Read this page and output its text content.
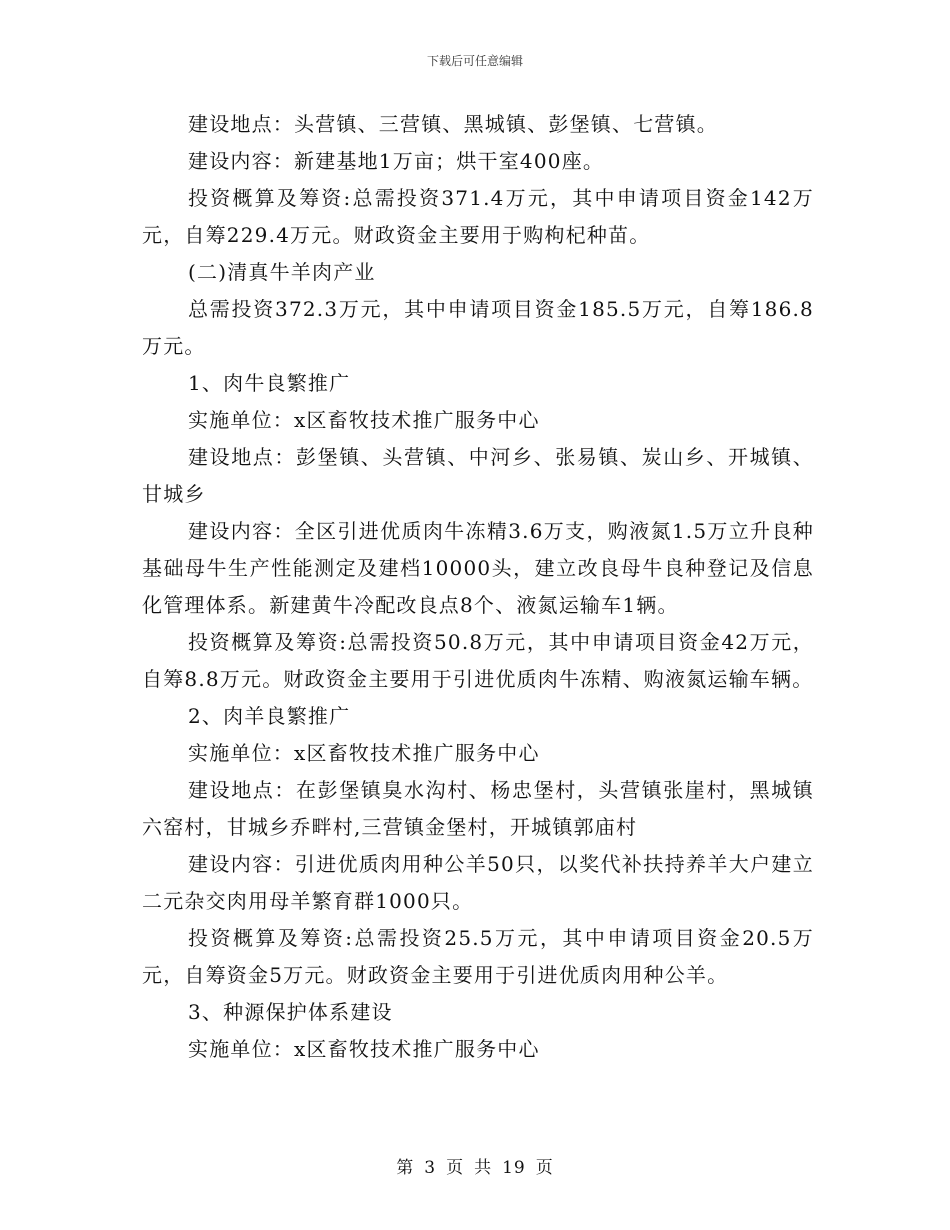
下载后可任意编辑

建设地点：头营镇、三营镇、黑城镇、彭堡镇、七营镇。

建设内容：新建基地1万亩；烘干室400座。

投资概算及筹资:总需投资371.4万元，其中申请项目资金142万元，自筹229.4万元。财政资金主要用于购枸杞种苗。

(二)清真牛羊肉产业

总需投资372.3万元，其中申请项目资金185.5万元，自筹186.8万元。

1、肉牛良繁推广

实施单位：x区畜牧技术推广服务中心

建设地点：彭堡镇、头营镇、中河乡、张易镇、炭山乡、开城镇、甘城乡

建设内容：全区引进优质肉牛冻精3.6万支，购液氮1.5万立升良种基础母牛生产性能测定及建档10000头，建立改良母牛良种登记及信息化管理体系。新建黄牛冷配改良点8个、液氮运输车1辆。

投资概算及筹资:总需投资50.8万元，其中申请项目资金42万元，自筹8.8万元。财政资金主要用于引进优质肉牛冻精、购液氮运输车辆。

2、肉羊良繁推广

实施单位：x区畜牧技术推广服务中心

建设地点：在彭堡镇臭水沟村、杨忠堡村，头营镇张崖村，黑城镇六窑村，甘城乡乔畔村,三营镇金堡村，开城镇郭庙村

建设内容：引进优质肉用种公羊50只，以奖代补扶持养羊大户建立二元杂交肉用母羊繁育群1000只。

投资概算及筹资:总需投资25.5万元，其中申请项目资金20.5万元，自筹资金5万元。财政资金主要用于引进优质肉用种公羊。

3、种源保护体系建设

实施单位：x区畜牧技术推广服务中心

第 3 页 共 19 页
